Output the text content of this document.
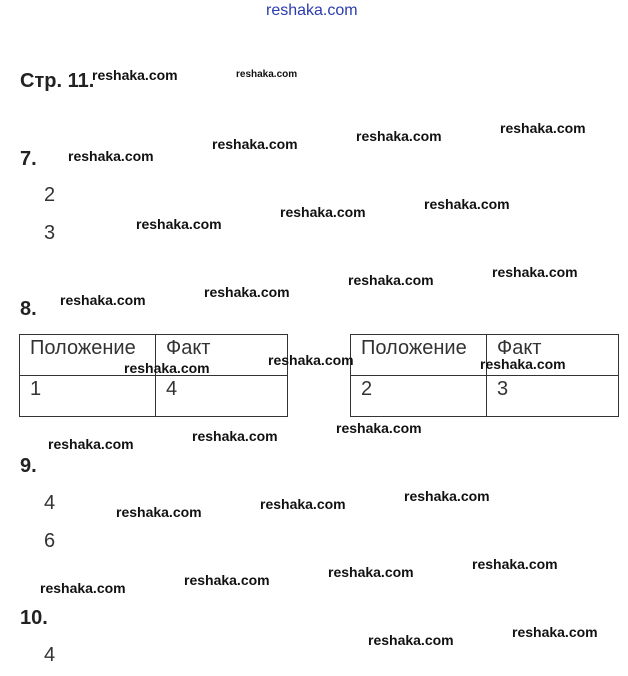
reshaka.com
Стр. 11.
7.
2
3
8.
Положение	Факт
1	4
Положение	Факт
2	3
9.
4
6
10.
4
reshaka.com	reshaka.com
reshaka.com
reshaka.com
reshaka.com
reshaka.com
reshaka.com
reshaka.com
reshaka.com
reshaka.com
reshaka.com
reshaka.com
reshaka.com
reshaka.com	reshaka.com
reshaka.com
reshaka.com
reshaka.com
reshaka.com
reshaka.com
reshaka.com
reshaka.com
reshaka.com
reshaka.com
reshaka.com
reshaka.com
reshaka.com
reshaka.com
